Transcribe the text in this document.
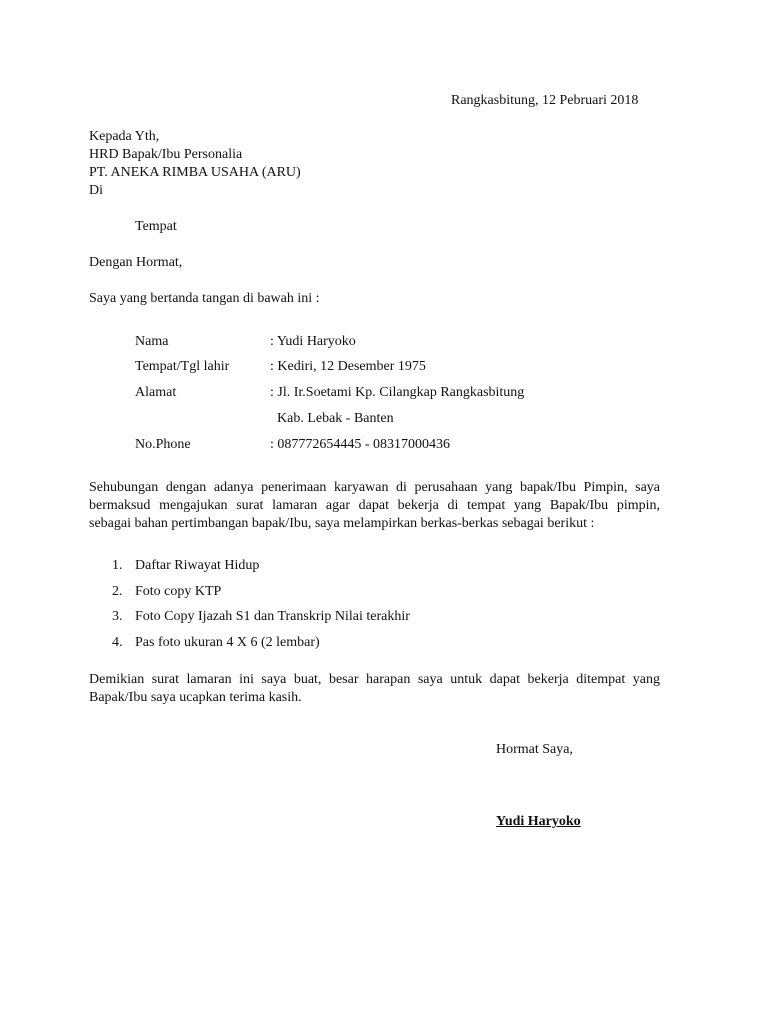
Rangkasbitung, 12 Pebruari 2018
Kepada Yth,
HRD Bapak/Ibu Personalia
PT. ANEKA RIMBA USAHA (ARU)
Di
Tempat
Dengan Hormat,
Saya yang bertanda tangan di bawah ini :
Nama	: Yudi Haryoko
Tempat/Tgl lahir	: Kediri, 12 Desember 1975
Alamat	: Jl. Ir.Soetami Kp. Cilangkap Rangkasbitung
Kab. Lebak - Banten
No.Phone	: 087772654445 - 08317000436
Sehubungan dengan adanya penerimaan karyawan di perusahaan yang bapak/Ibu Pimpin, saya
bermaksud mengajukan surat lamaran agar dapat bekerja di tempat yang Bapak/Ibu pimpin,
sebagai bahan pertimbangan bapak/Ibu, saya melampirkan berkas-berkas sebagai berikut :
1. Daftar Riwayat Hidup
2. Foto copy KTP
3. Foto Copy Ijazah S1 dan Transkrip Nilai terakhir
4. Pas foto ukuran 4 X 6 (2 lembar)
Demikian surat lamaran ini saya buat, besar harapan saya untuk dapat bekerja ditempat yang
Bapak/Ibu saya ucapkan terima kasih.
Hormat Saya,
Yudi Haryoko
